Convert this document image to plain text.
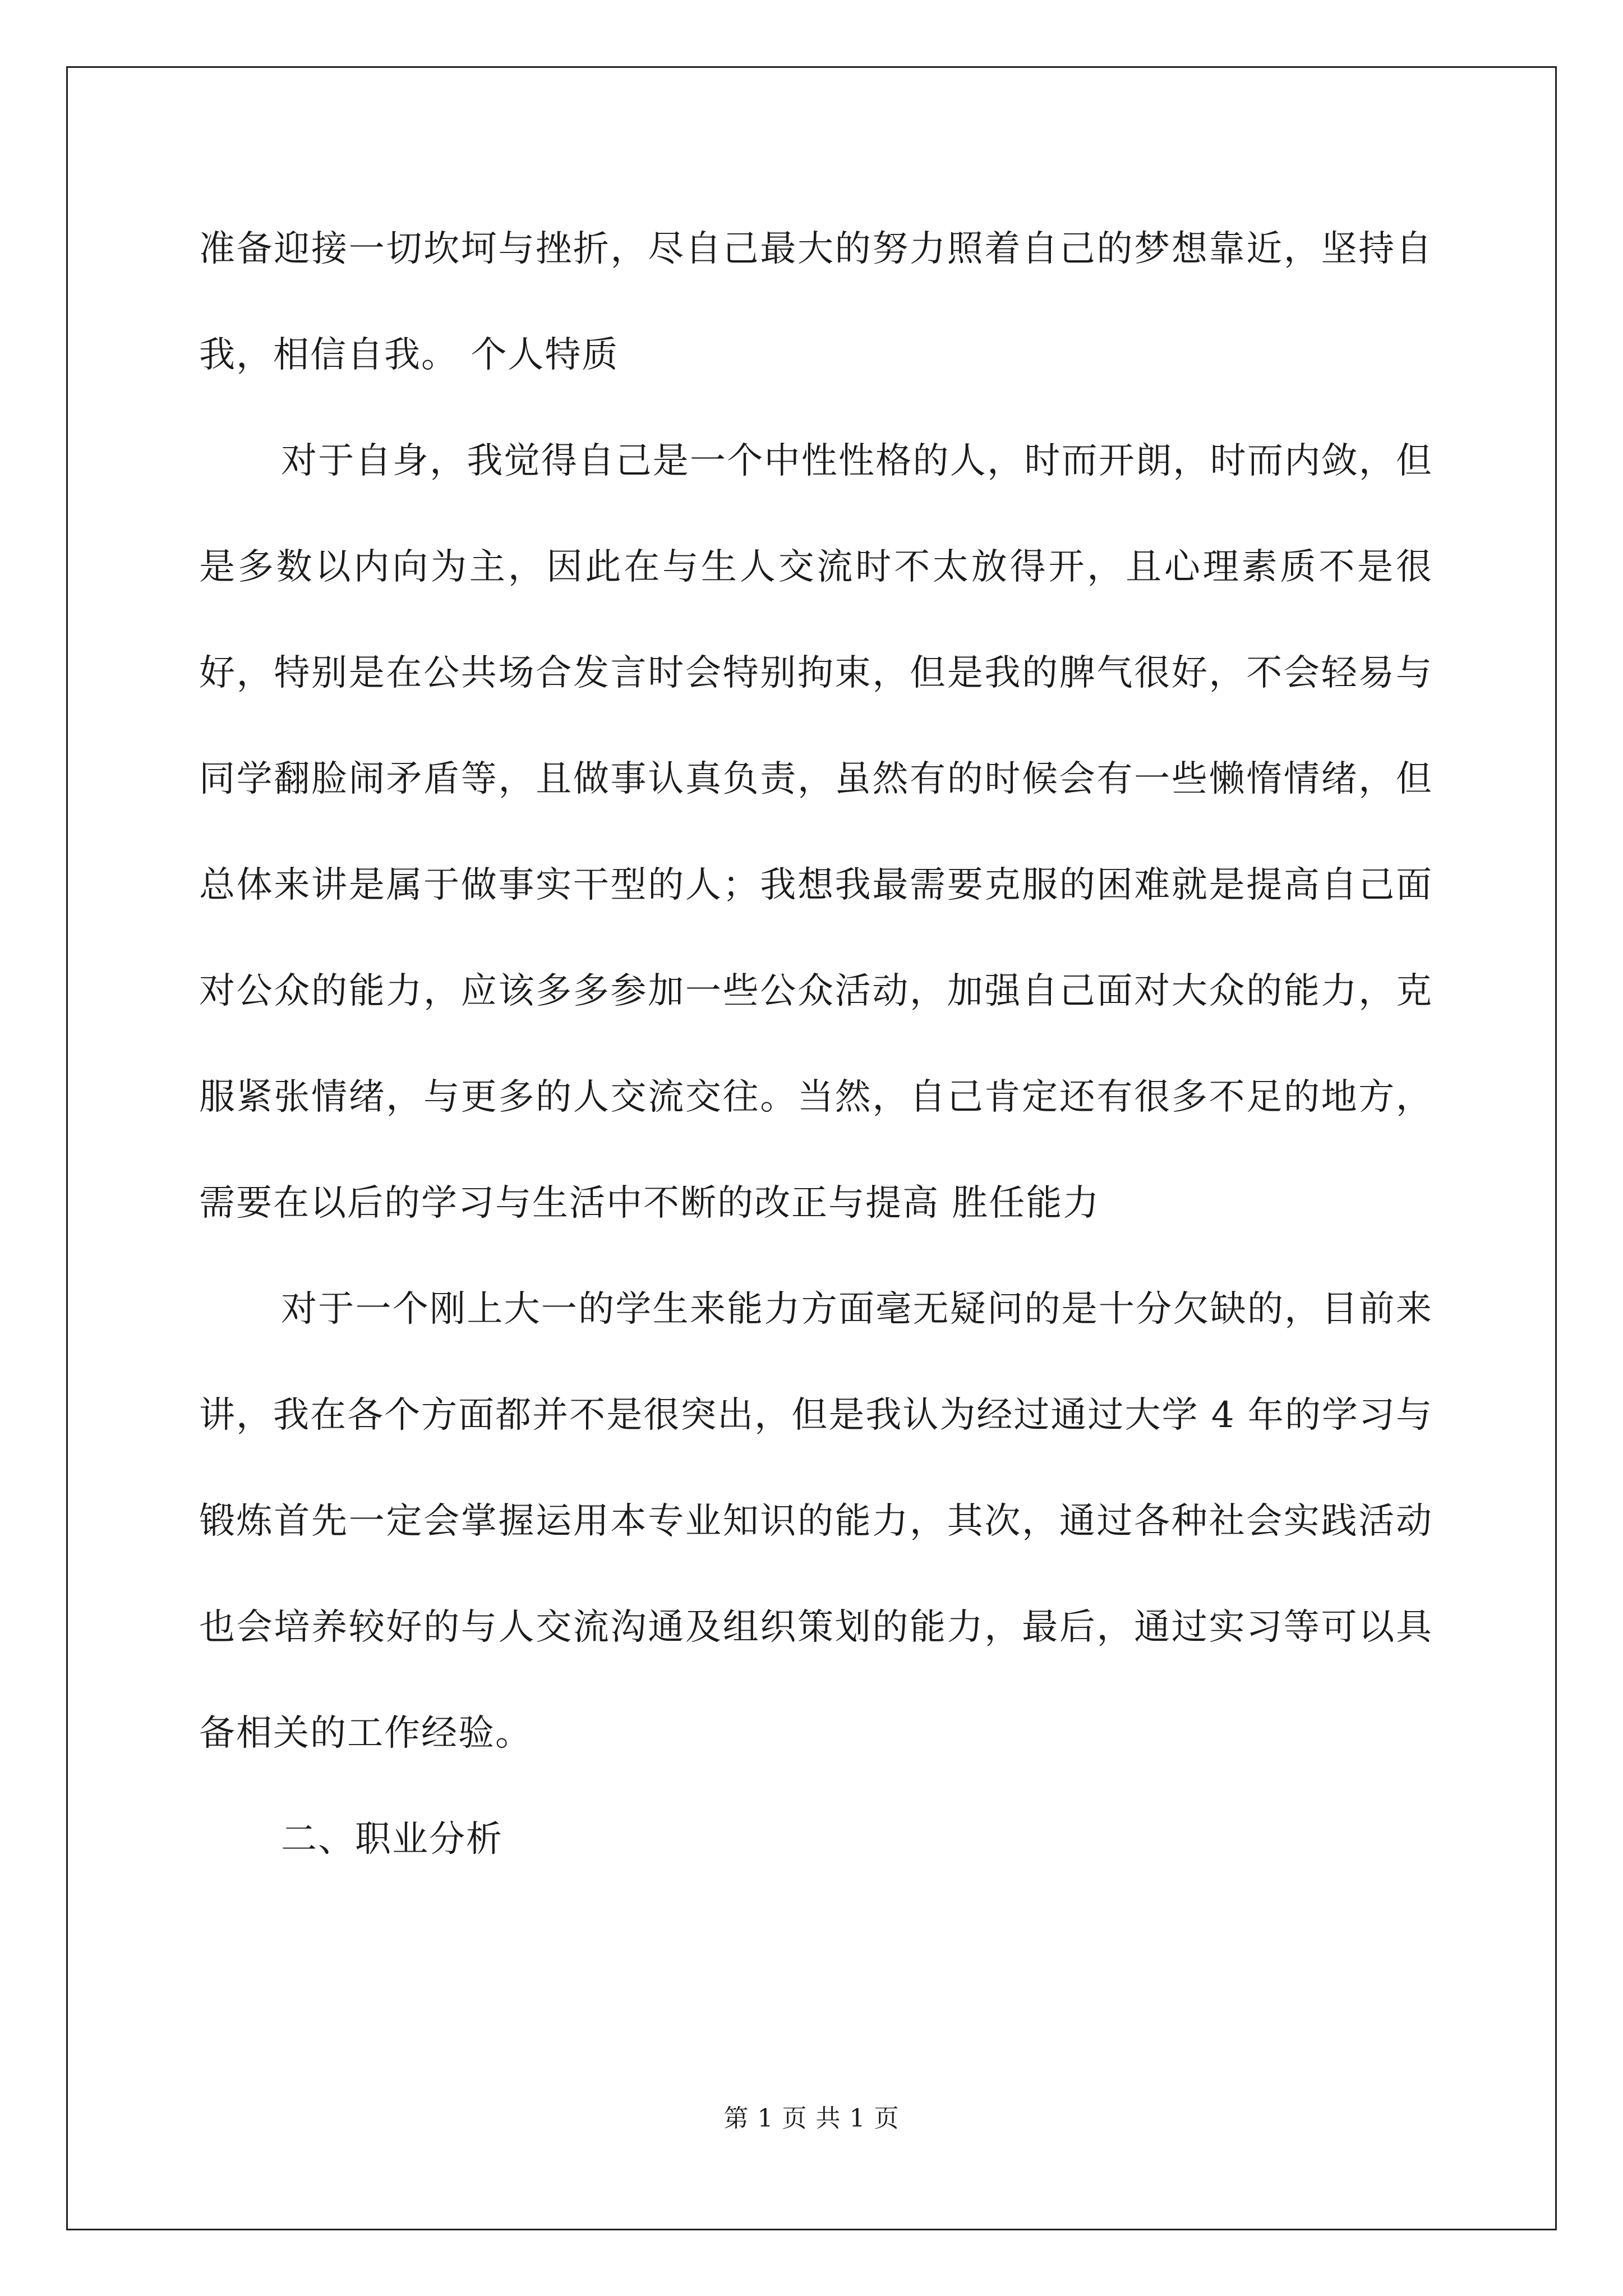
准备迎接一切坎坷与挫折，尽自己最大的努力照着自己的梦想靠近，坚持自我，相信自我。 个人特质

对于自身，我觉得自己是一个中性性格的人，时而开朗，时而内敛，但是多数以内向为主，因此在与生人交流时不太放得开，且心理素质不是很好，特别是在公共场合发言时会特别拘束，但是我的脾气很好，不会轻易与同学翻脸闹矛盾等，且做事认真负责，虽然有的时候会有一些懒惰情绪，但总体来讲是属于做事实干型的人；我想我最需要克服的困难就是提高自己面对公众的能力，应该多多参加一些公众活动，加强自己面对大众的能力，克服紧张情绪，与更多的人交流交往。当然，自己肯定还有很多不足的地方，需要在以后的学习与生活中不断的改正与提高 胜任能力

对于一个刚上大一的学生来能力方面毫无疑问的是十分欠缺的，目前来讲，我在各个方面都并不是很突出，但是我认为经过通过大学 4 年的学习与锻炼首先一定会掌握运用本专业知识的能力，其次，通过各种社会实践活动也会培养较好的与人交流沟通及组织策划的能力，最后，通过实习等可以具备相关的工作经验。

二、职业分析

第 1 页 共 1 页
